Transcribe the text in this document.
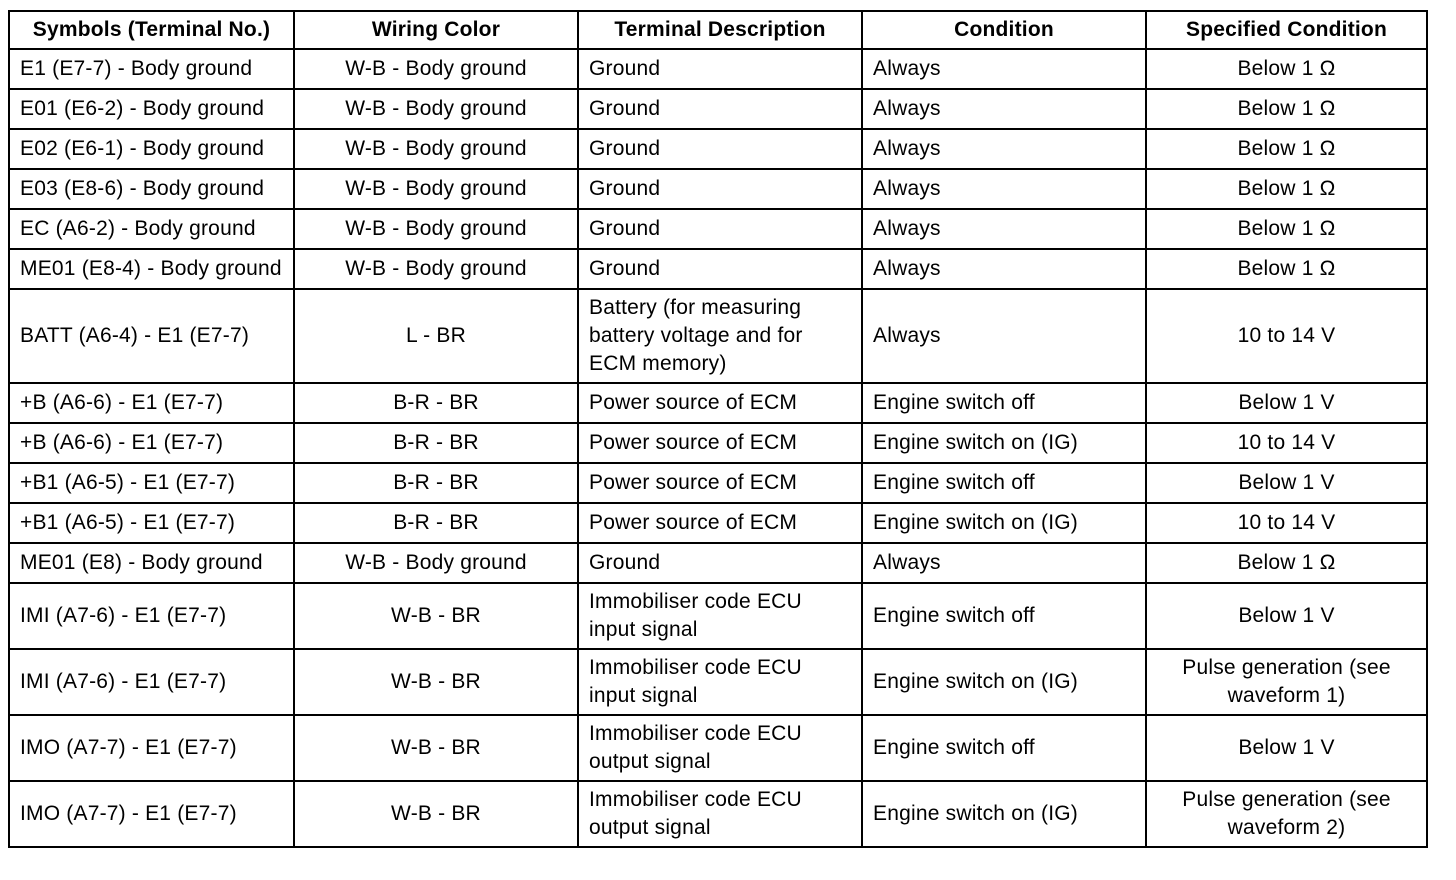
Symbols (Terminal No.)	Wiring Color	Terminal Description	Condition	Specified Condition
E1 (E7-7) - Body ground	W-B - Body ground	Ground	Always	Below 1 Ω
E01 (E6-2) - Body ground	W-B - Body ground	Ground	Always	Below 1 Ω
E02 (E6-1) - Body ground	W-B - Body ground	Ground	Always	Below 1 Ω
E03 (E8-6) - Body ground	W-B - Body ground	Ground	Always	Below 1 Ω
EC (A6-2) - Body ground	W-B - Body ground	Ground	Always	Below 1 Ω
ME01 (E8-4) - Body ground	W-B - Body ground	Ground	Always	Below 1 Ω
BATT (A6-4) - E1 (E7-7)	L - BR	Battery (for measuring battery voltage and for ECM memory)	Always	10 to 14 V
+B (A6-6) - E1 (E7-7)	B-R - BR	Power source of ECM	Engine switch off	Below 1 V
+B (A6-6) - E1 (E7-7)	B-R - BR	Power source of ECM	Engine switch on (IG)	10 to 14 V
+B1 (A6-5) - E1 (E7-7)	B-R - BR	Power source of ECM	Engine switch off	Below 1 V
+B1 (A6-5) - E1 (E7-7)	B-R - BR	Power source of ECM	Engine switch on (IG)	10 to 14 V
ME01 (E8) - Body ground	W-B - Body ground	Ground	Always	Below 1 Ω
IMI (A7-6) - E1 (E7-7)	W-B - BR	Immobiliser code ECU input signal	Engine switch off	Below 1 V
IMI (A7-6) - E1 (E7-7)	W-B - BR	Immobiliser code ECU input signal	Engine switch on (IG)	Pulse generation (see waveform 1)
IMO (A7-7) - E1 (E7-7)	W-B - BR	Immobiliser code ECU output signal	Engine switch off	Below 1 V
IMO (A7-7) - E1 (E7-7)	W-B - BR	Immobiliser code ECU output signal	Engine switch on (IG)	Pulse generation (see waveform 2)
